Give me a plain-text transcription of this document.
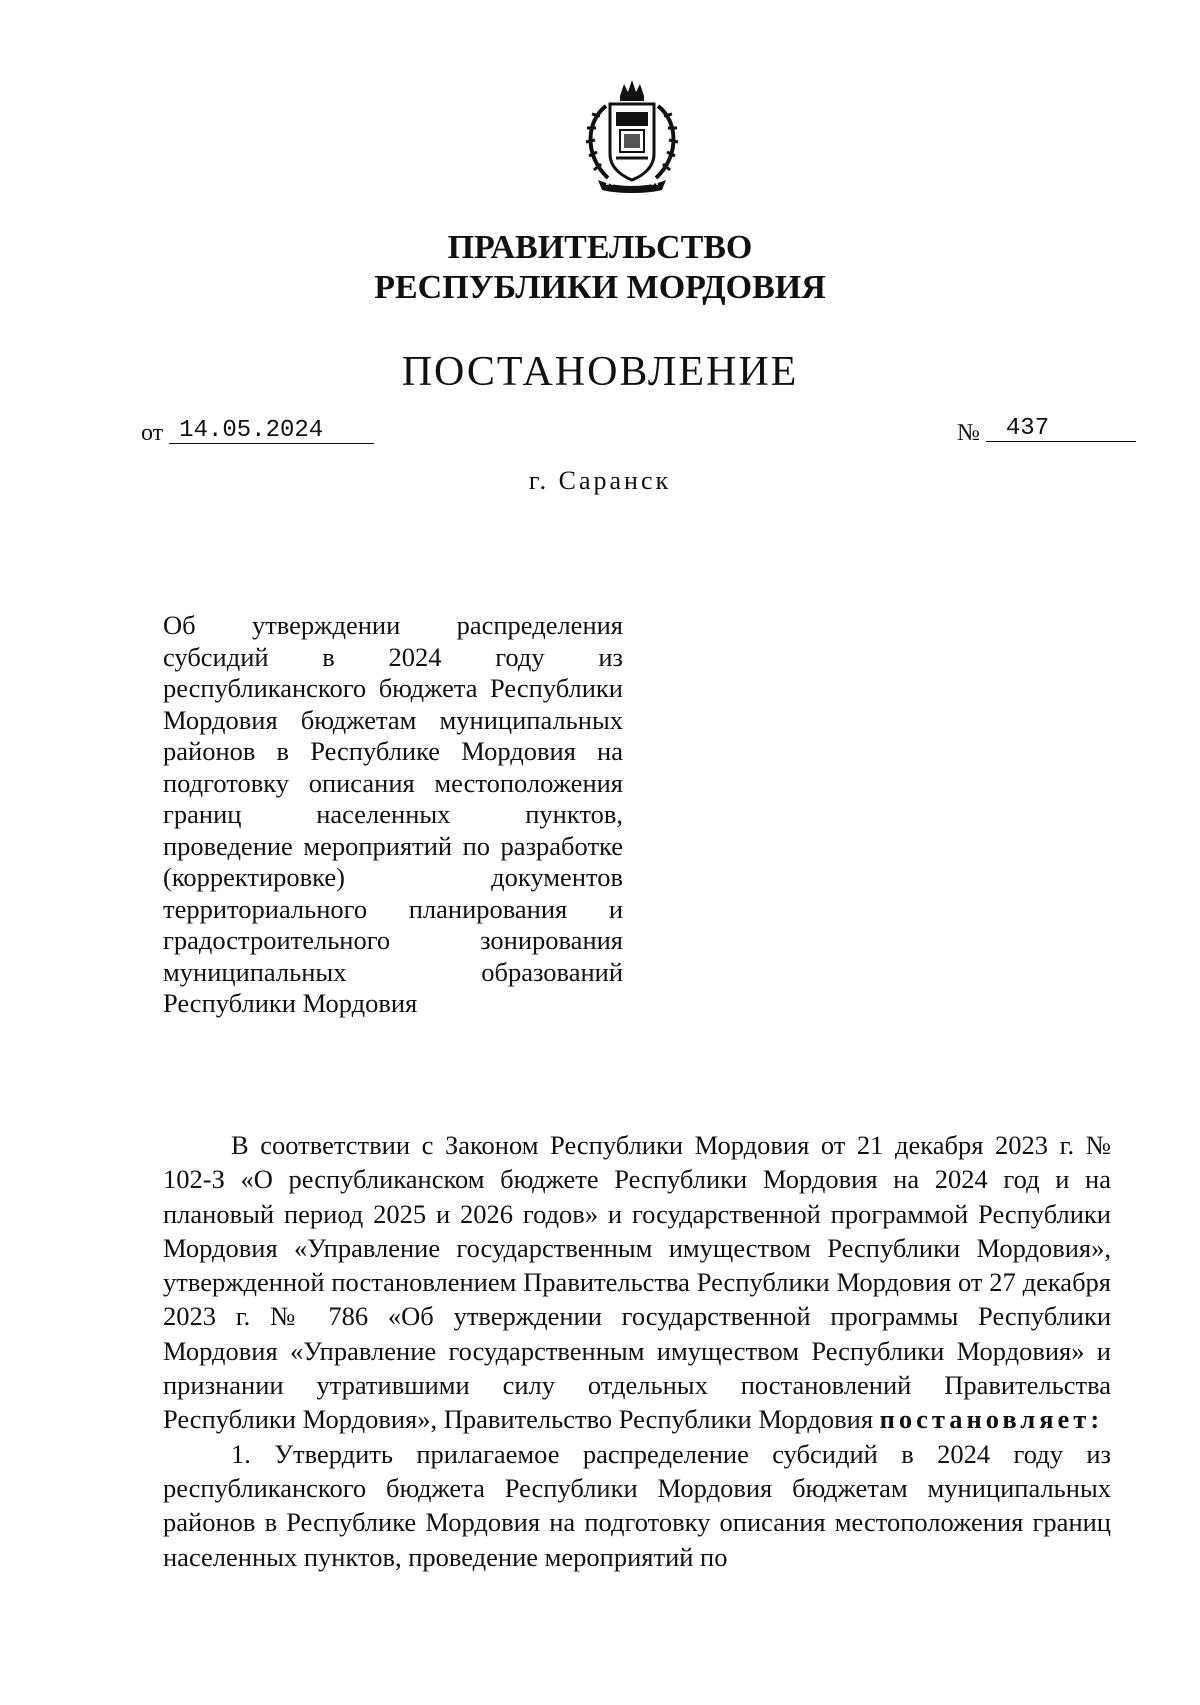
ПРАВИТЕЛЬСТВО
РЕСПУБЛИКИ МОРДОВИЯ
ПОСТАНОВЛЕНИЕ
от 14.05.2024	№ 437
г. Саранск
Об утверждении распределения субсидий в 2024 году из республиканского бюджета Республики Мордовия бюджетам муниципальных районов в Республике Мордовия на подготовку описания местоположения границ населенных пунктов, проведение мероприятий по разработке (корректировке) документов территориального планирования и градостроительного зонирования муниципальных образований Республики Мордовия

В соответствии с Законом Республики Мордовия от 21 декабря 2023 г. № 102-З «О республиканском бюджете Республики Мордовия на 2024 год и на плановый период 2025 и 2026 годов» и государственной программой Республики Мордовия «Управление государственным имуществом Республики Мордовия», утвержденной постановлением Правительства Республики Мордовия от 27 декабря 2023 г. № 786 «Об утверждении государственной программы Республики Мордовия «Управление государственным имуществом Республики Мордовия» и признании утратившими силу отдельных постановлений Правительства Республики Мордовия», Правительство Республики Мордовия постановляет:

1. Утвердить прилагаемое распределение субсидий в 2024 году из республиканского бюджета Республики Мордовия бюджетам муниципальных районов в Республике Мордовия на подготовку описания местоположения границ населенных пунктов, проведение мероприятий по
